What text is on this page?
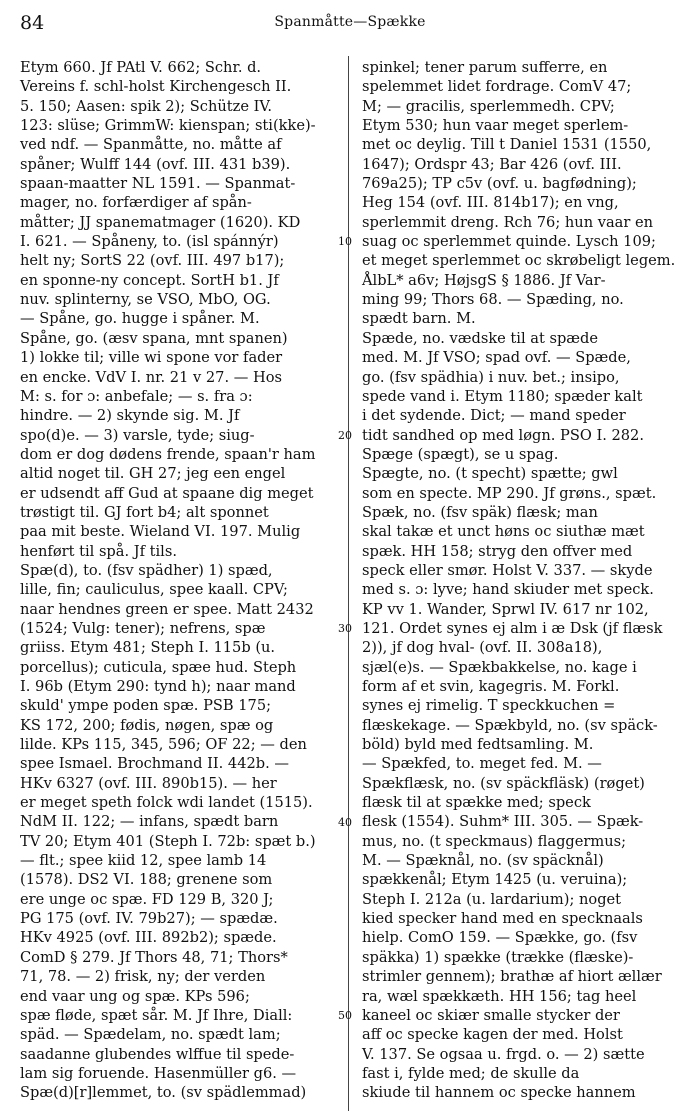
84	Spanmåtte—Spække
Etym 660. Jf PAtl V. 662; Schr. d.
Vereins f. schl-holst Kirchengesch II.
5. 150; Aasen: spik 2); Schütze IV.
123: slüse; GrimmW: kienspan; sti(kke)-
ved ndf. — Spanmåtte, no. måtte af
spåner; Wulff 144 (ovf. III. 431 b39).
spaan-maatter NL 1591. — Spanmat-
mager, no. forfærdiger af spån-
måtter; JJ spanematmager (1620). KD
I. 621. — Spåneny, to. (isl spánnýr)
helt ny; SortS 22 (ovf. III. 497 b17);
en sponne-ny concept. SortH b1. Jf
nuv. splinterny, se VSO, MbO, OG.
— Spåne, go. hugge i spåner. M.
Spåne, go. (æsv spana, mnt spanen)
1) lokke til; ville wi spone vor fader
en encke. VdV I. nr. 21 v 27. — Hos
M: s. for ɔ: anbefale; — s. fra ɔ:
hindre. — 2) skynde sig. M. Jf
spo(d)e. — 3) varsle, tyde; siug-
dom er dog dødens frende, spaan'r ham
altid noget til. GH 27; jeg een engel
er udsendt aff Gud at spaane dig meget
trøstigt til. GJ fort b4; alt sponnet
paa mit beste. Wieland VI. 197. Mulig
henført til spå. Jf tils.
Spæ(d), to. (fsv spädher) 1) spæd,
lille, fin; cauliculus, spee kaall. CPV;
naar hendnes green er spee. Matt 2432
(1524; Vulg: tener); nefrens, spæ
griiss. Etym 481; Steph I. 115b (u.
porcellus); cuticula, spæe hud. Steph
I. 96b (Etym 290: tynd h); naar mand
skuld' ympe poden spæ. PSB 175;
KS 172, 200; fødis, nøgen, spæ og
lilde. KPs 115, 345, 596; OF 22; — den
spee Ismael. Brochmand II. 442b. —
HKv 6327 (ovf. III. 890b15). — her
er meget speth folck wdi landet (1515).
NdM II. 122; — infans, spædt barn
TV 20; Etym 401 (Steph I. 72b: spæt b.)
— flt.; spee kiid 12, spee lamb 14
(1578). DS2 VI. 188; grenene som
ere unge oc spæ. FD 129 B, 320 J;
PG 175 (ovf. IV. 79b27); — spædæ.
HKv 4925 (ovf. III. 892b2); spæde.
ComD § 279. Jf Thors 48, 71; Thors*
71, 78. — 2) frisk, ny; der verden
end vaar ung og spæ. KPs 596;
spæ fløde, spæt sår. M. Jf Ihre, Diall:
späd. — Spædelam, no. spædt lam;
saadanne glubendes wlffue til spede-
lam sig foruende. Hasenmüller g6. —
Spæ(d)[r]lemmet, to. (sv spädlemmad)
spinkel; tener parum sufferre, en
spelemmet lidet fordrage. ComV 47;
M; — gracilis, sperlemmedh. CPV;
Etym 530; hun vaar meget sperlem-
met oc deylig. Till t Daniel 1531 (1550,
1647); Ordspr 43; Bar 426 (ovf. III.
769a25); TP c5v (ovf. u. bagfødning);
Heg 154 (ovf. III. 814b17); en vng,
sperlemmit dreng. Rch 76; hun vaar en
suag oc sperlemmet quinde. Lysch 109;
et meget sperlemmet oc skrøbeligt legem.
ÅlbL* a6v; HøjsgS § 1886. Jf Var-
ming 99; Thors 68. — Spæding, no.
spædt barn. M.
Spæde, no. vædske til at spæde
med. M. Jf VSO; spad ovf. — Spæde,
go. (fsv spädhia) i nuv. bet.; insipo,
spede vand i. Etym 1180; spæder kalt
i det sydende. Dict; — mand speder
tidt sandhed op med løgn. PSO I. 282.
Spæge (spægt), se u spag.
Spægte, no. (t specht) spætte; gwl
som en specte. MP 290. Jf grøns., spæt.
Spæk, no. (fsv späk) flæsk; man
skal takæ et unct høns oc siuthæ mæt
spæk. HH 158; stryg den offver med
speck eller smør. Holst V. 337. — skyde
med s. ɔ: lyve; hand skiuder met speck.
KP vv 1. Wander, Sprwl IV. 617 nr 102,
121. Ordet synes ej alm i æ Dsk (jf flæsk
2)), jf dog hval- (ovf. II. 308a18),
sjæl(e)s. — Spækbakkelse, no. kage i
form af et svin, kagegris. M. Forkl.
synes ej rimelig. T speckkuchen =
flæskekage. — Spækbyld, no. (sv späck-
böld) byld med fedtsamling. M.
— Spækfed, to. meget fed. M. —
Spækflæsk, no. (sv späckfläsk) (røget)
flæsk til at spække med; speck
flesk (1554). Suhm* III. 305. — Spæk-
mus, no. (t speckmaus) flaggermus;
M. — Spæknål, no. (sv späcknål)
spækkenål; Etym 1425 (u. veruina);
Steph I. 212a (u. lardarium); noget
kied specker hand med en specknaals
hielp. ComO 159. — Spække, go. (fsv
späkka) 1) spække (trække (flæske)-
strimler gennem); brathæ af hiort ællær
ra, wæl spækkæth. HH 156; tag heel
kaneel oc skiær smalle stycker der
aff oc specke kagen der med. Holst
V. 137. Se ogsaa u. frgd. o. — 2) sætte
fast i, fylde med; de skulle da
skiude til hannem oc specke hannem
10
20
30
40
50
